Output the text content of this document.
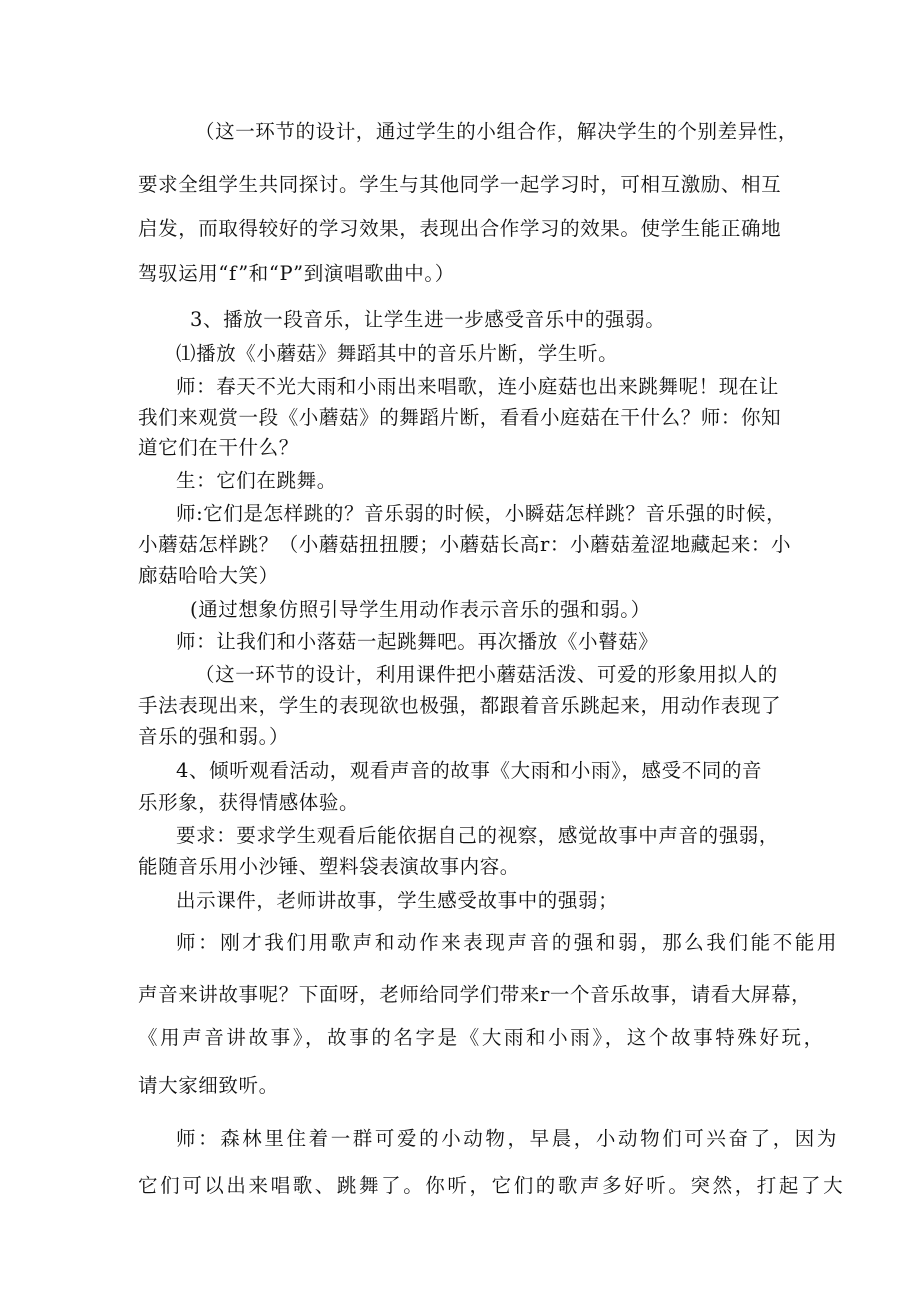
（这一环节的设计，通过学生的小组合作，解决学生的个别差异性，
要求全组学生共同探讨。学生与其他同学一起学习时，可相互激励、相互
启发，而取得较好的学习效果，表现出合作学习的效果。使学生能正确地
驾驭运用“f”和“P”到演唱歌曲中。）
3、播放一段音乐，让学生进一步感受音乐中的强弱。
⑴播放《小蘑菇》舞蹈其中的音乐片断，学生听。
师：春天不光大雨和小雨出来唱歌，连小庭菇也出来跳舞呢！现在让
我们来观赏一段《小蘑菇》的舞蹈片断，看看小庭菇在干什么？师：你知
道它们在干什么？
生：它们在跳舞。
师:它们是怎样跳的？音乐弱的时候，小瞬菇怎样跳？音乐强的时候，
小蘑菇怎样跳？（小蘑菇扭扭腰；小蘑菇长高r：小蘑菇羞涩地藏起来：小
廊菇哈哈大笑）
(通过想象仿照引导学生用动作表示音乐的强和弱。）
师：让我们和小落菇一起跳舞吧。再次播放《小瞽菇》
（这一环节的设计，利用课件把小蘑菇活泼、可爱的形象用拟人的
手法表现出来，学生的表现欲也极强，都跟着音乐跳起来，用动作表现了
音乐的强和弱。）
4、倾听观看活动，观看声音的故事《大雨和小雨》，感受不同的音
乐形象，获得情感体验。
要求：要求学生观看后能依据自己的视察，感觉故事中声音的强弱，
能随音乐用小沙锤、塑料袋表演故事内容。
出示课件，老师讲故事，学生感受故事中的强弱；
师：刚才我们用歌声和动作来表现声音的强和弱，那么我们能不能用
声音来讲故事呢？下面呀，老师给同学们带来r一个音乐故事，请看大屏幕，
《用声音讲故事》，故事的名字是《大雨和小雨》，这个故事特殊好玩，
请大家细致听。
师：森林里住着一群可爱的小动物，早晨，小动物们可兴奋了，因为
它们可以出来唱歌、跳舞了。你听，它们的歌声多好听。突然，打起了大
